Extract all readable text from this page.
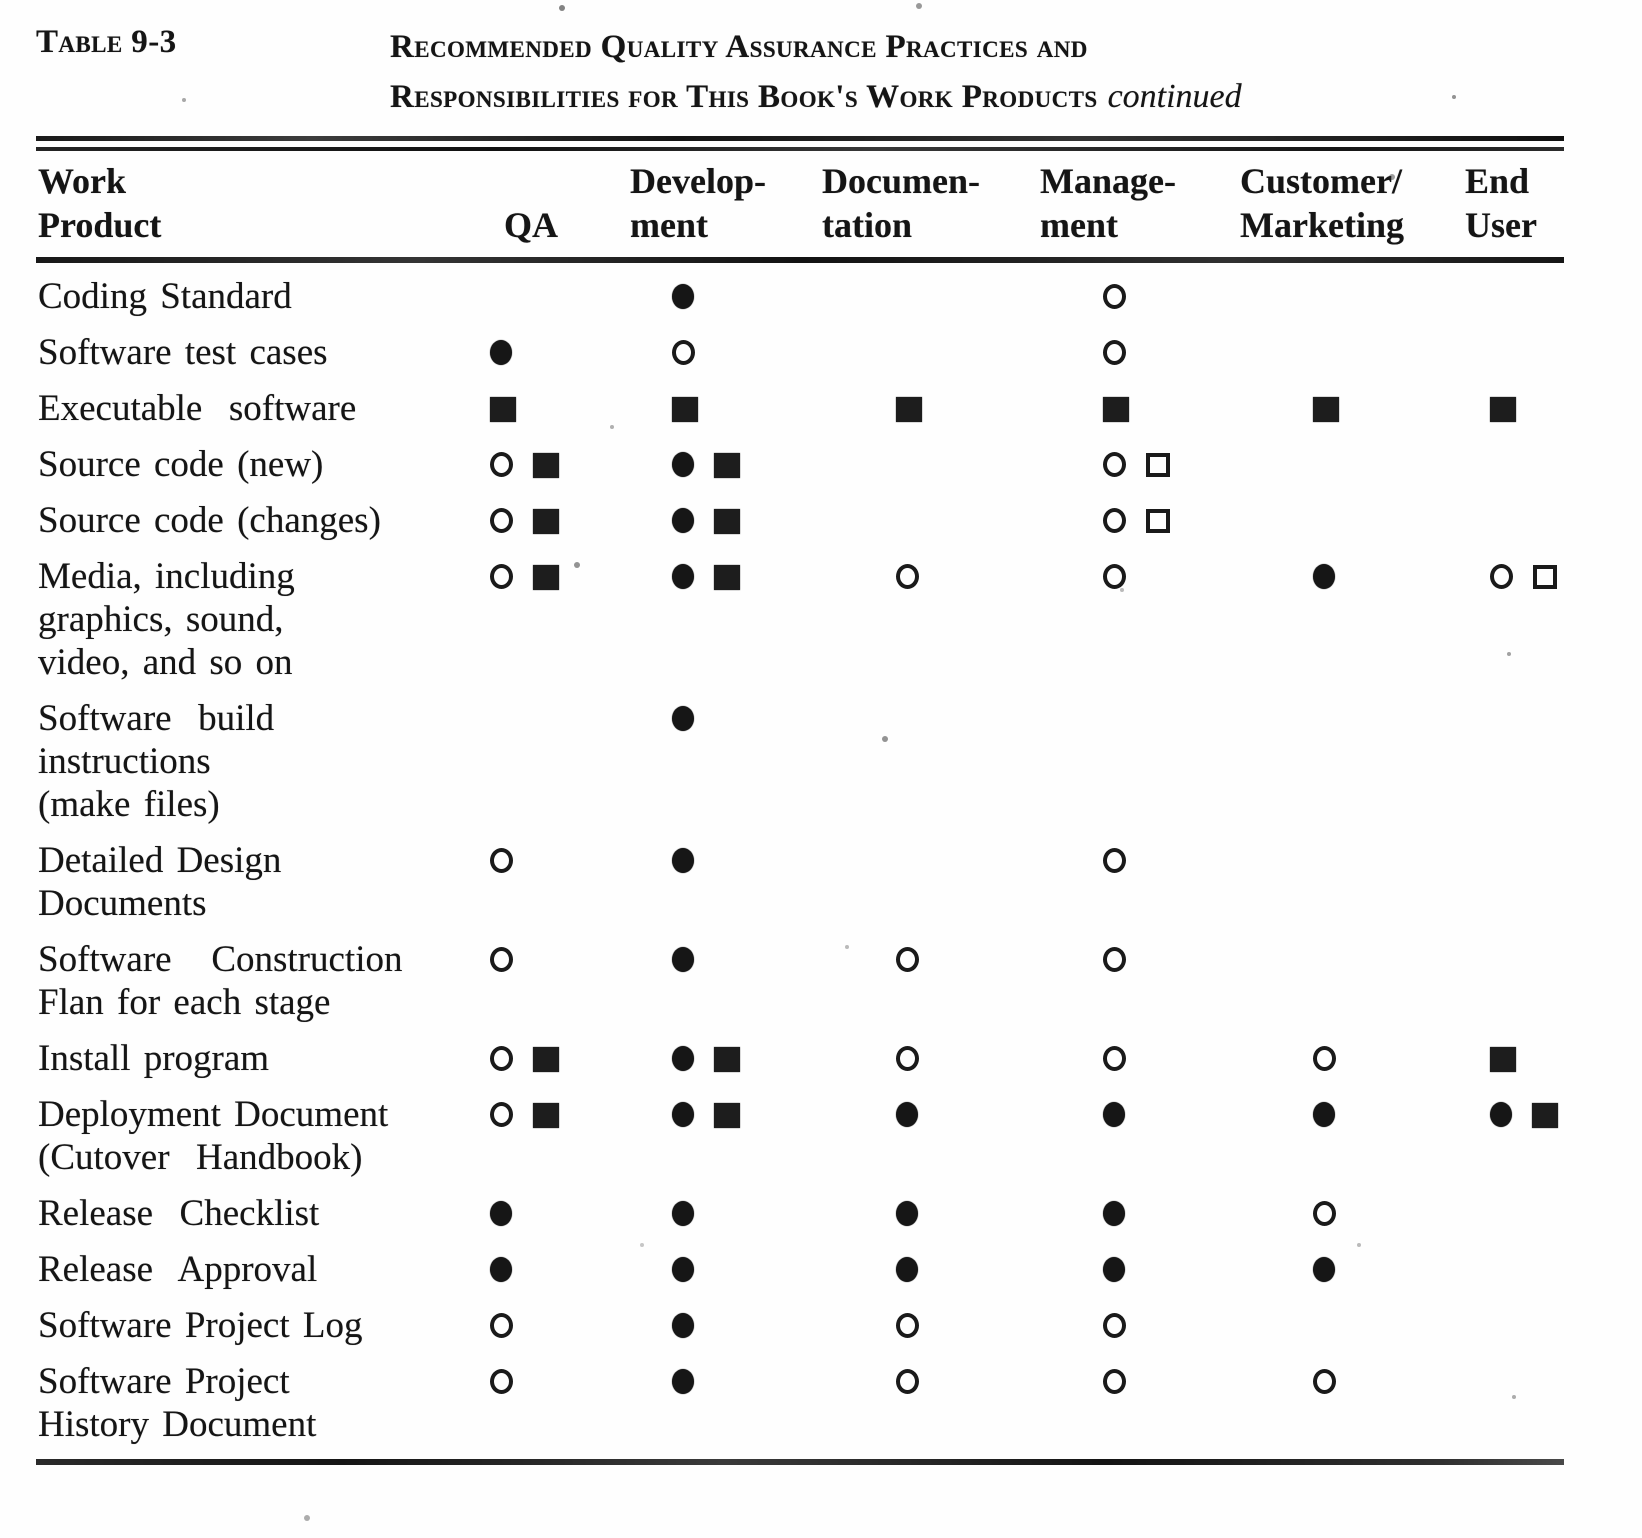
Table 9-3	Recommended Quality Assurance Practices and
Responsibilities for This Book's Work Products continued
Work
Product	QA
Develop-
ment
Documen-
tation
Manage-
ment
Customer/
Marketing
End
User
Coding Standard
Software test cases
Executable  software
Source code (new)
Source code (changes)
Media, including
graphics, sound,
video, and so on
Software  build
instructions
(make files)
Detailed Design
Documents
Software   Construction
Flan for each stage
Install program
Deployment Document
(Cutover  Handbook)
Release  Checklist
Release  Approval
Software Project Log
Software Project
History Document
